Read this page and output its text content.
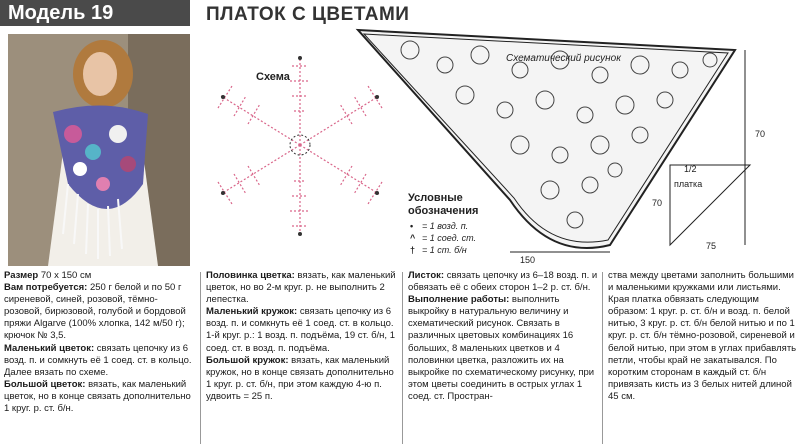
Модель 19	ПЛАТОК С ЦВЕТАМИ
Схема
Схематический рисунок
70
1/2
платка
70
150
75
Условные
обозначения
• = 1 возд. п.
^ = 1 соед. ст.
† = 1 ст. б/н

Размер 70 х 150 см

Вам потребуется: 250 г белой и по 50 г сиреневой, синей, розовой, тёмно-розовой, бирюзовой, голубой и бордовой пряжи Algarve (100% хлопка, 142 м/50 г); крючок № 3,5.

Маленький цветок: связать цепочку из 6 возд. п. и сомкнуть её 1 соед. ст. в кольцо. Далее вязать по схеме.

Большой цветок: вязать, как маленький цветок, но в конце связать дополнительно 1 круг. р. ст. б/н.

Половинка цветка: вязать, как маленький цветок, но во 2-м круг. р. не выполнить 2 лепестка.

Маленький кружок: связать цепочку из 6 возд. п. и сомкнуть её 1 соед. ст. в кольцо. 1-й круг. р.: 1 возд. п. подъёма, 19 ст. б/н, 1 соед. ст. в возд. п. подъёма.

Большой кружок: вязать, как маленький кружок, но в конце связать дополнительно 1 круг. р. ст. б/н, при этом каждую 4-ю п. удвоить = 25 п.

Листок: связать цепочку из 6–18 возд. п. и обвязать её с обеих сторон 1–2 р. ст. б/н.

Выполнение работы: выполнить выкройку в натуральную величину и схематический рисунок. Связать в различных цветовых комбинациях 16 больших, 8 маленьких цветков и 4 половинки цветка, разложить их на выкройке по схематическому рисунку, при этом цветы соединить в острых углах 1 соед. ст. Простран-

ства между цветами заполнить большими и маленькими кружками или листьями. Края платка обвязать следующим образом: 1 круг. р. ст. б/н и возд. п. белой нитью, 3 круг. р. ст. б/н белой нитью и по 1 круг. р. ст. б/н тёмно-розовой, сиреневой и белой нитью, при этом в углах прибавлять петли, чтобы край не закатывался. По коротким сторонам в каждый ст. б/н привязать кисть из 3 белых нитей длиной 45 см.
